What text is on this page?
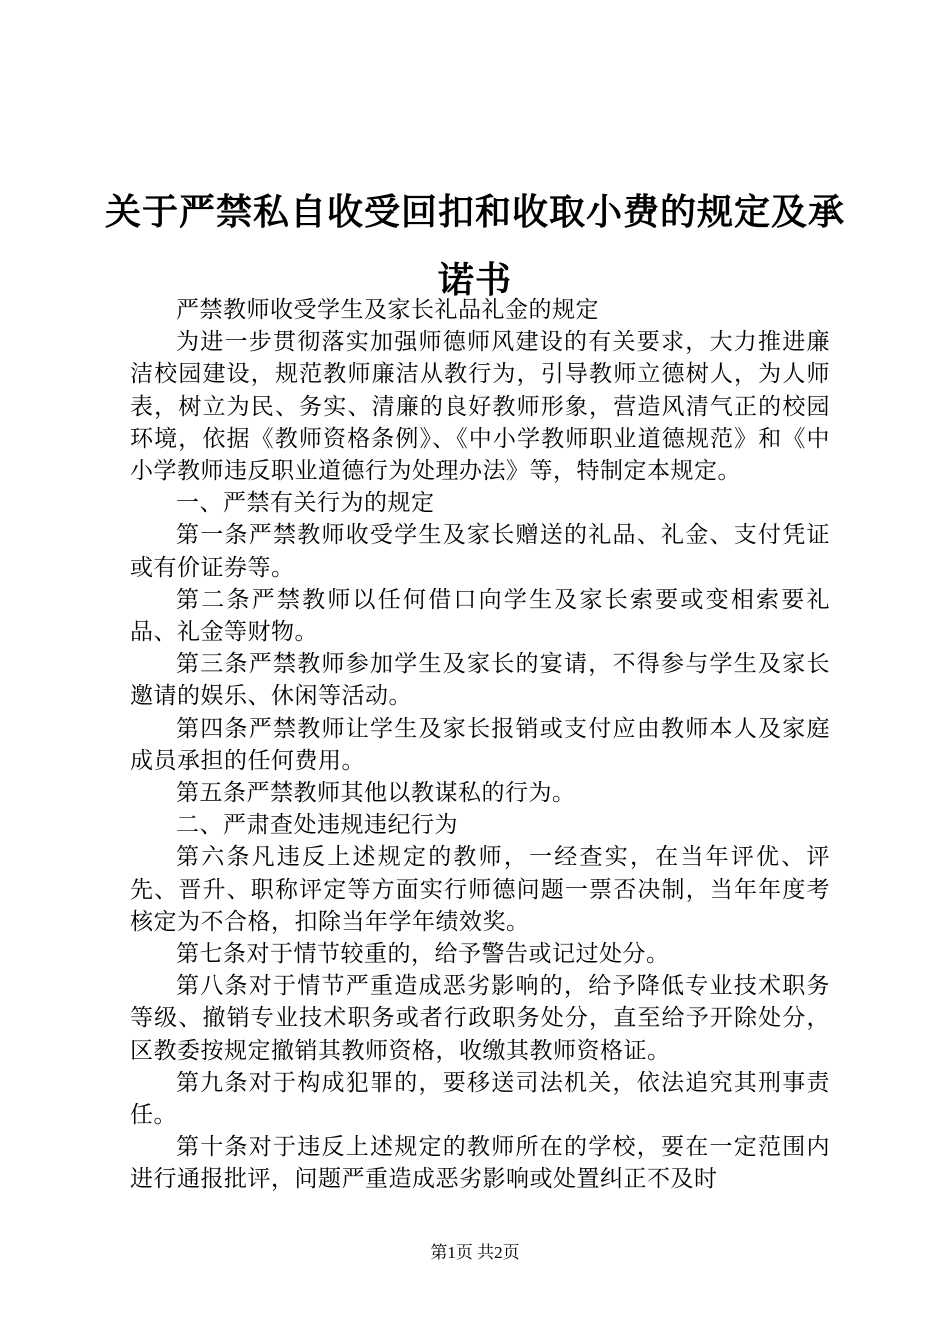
关于严禁私自收受回扣和收取小费的规定及承诺书

严禁教师收受学生及家长礼品礼金的规定

为进一步贯彻落实加强师德师风建设的有关要求，大力推进廉洁校园建设，规范教师廉洁从教行为，引导教师立德树人，为人师表，树立为民、务实、清廉的良好教师形象，营造风清气正的校园环境，依据《教师资格条例》、《中小学教师职业道德规范》和《中小学教师违反职业道德行为处理办法》等，特制定本规定。

一、严禁有关行为的规定

第一条严禁教师收受学生及家长赠送的礼品、礼金、支付凭证或有价证券等。

第二条严禁教师以任何借口向学生及家长索要或变相索要礼品、礼金等财物。

第三条严禁教师参加学生及家长的宴请，不得参与学生及家长邀请的娱乐、休闲等活动。

第四条严禁教师让学生及家长报销或支付应由教师本人及家庭成员承担的任何费用。

第五条严禁教师其他以教谋私的行为。

二、严肃查处违规违纪行为

第六条凡违反上述规定的教师，一经查实，在当年评优、评先、晋升、职称评定等方面实行师德问题一票否决制，当年年度考核定为不合格，扣除当年学年绩效奖。

第七条对于情节较重的，给予警告或记过处分。

第八条对于情节严重造成恶劣影响的，给予降低专业技术职务等级、撤销专业技术职务或者行政职务处分，直至给予开除处分，区教委按规定撤销其教师资格，收缴其教师资格证。

第九条对于构成犯罪的，要移送司法机关，依法追究其刑事责任。

第十条对于违反上述规定的教师所在的学校，要在一定范围内进行通报批评，问题严重造成恶劣影响或处置纠正不及时

第1页 共2页
